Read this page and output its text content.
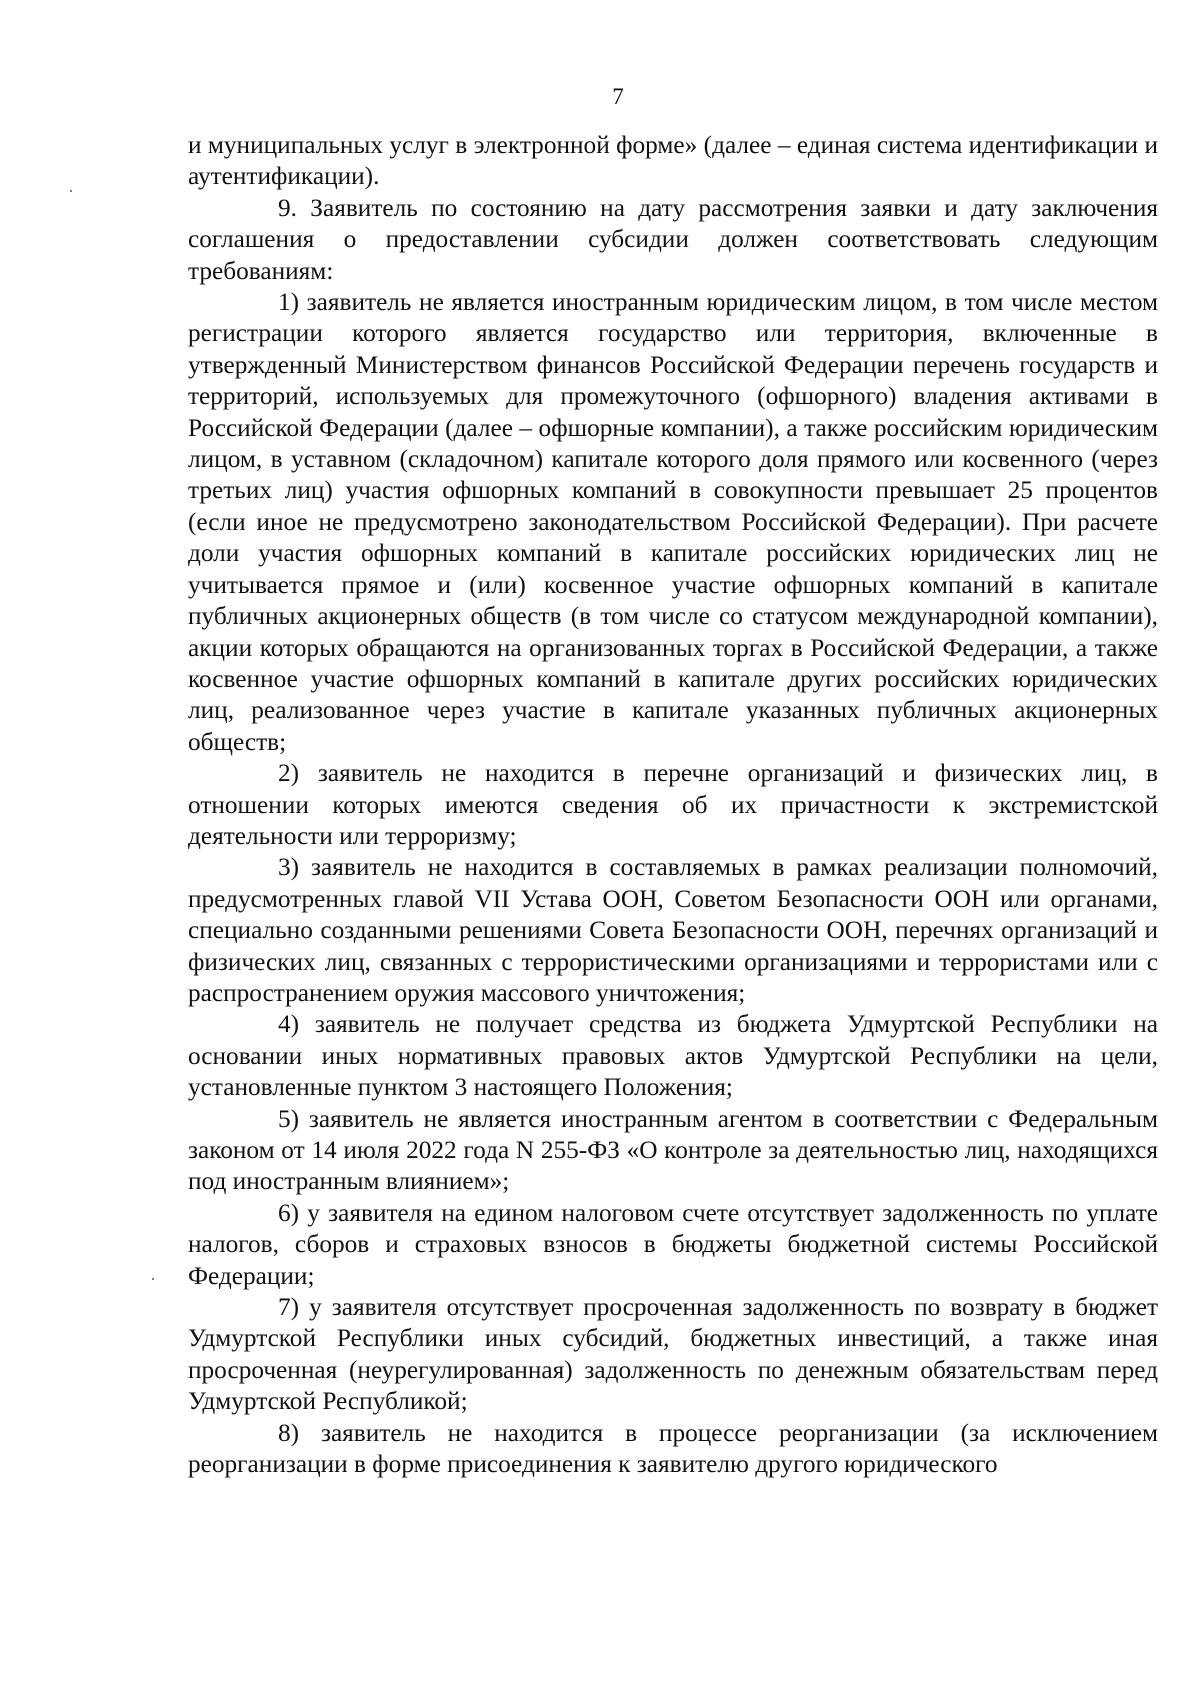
7

и муниципальных услуг в электронной форме» (далее – единая система идентификации и аутентификации).

9. Заявитель по состоянию на дату рассмотрения заявки и дату заключения соглашения о предоставлении субсидии должен соответствовать следующим требованиям:

1) заявитель не является иностранным юридическим лицом, в том числе местом регистрации которого является государство или территория, включенные в утвержденный Министерством финансов Российской Федерации перечень государств и территорий, используемых для промежуточного (офшорного) владения активами в Российской Федерации (далее – офшорные компании), а также российским юридическим лицом, в уставном (складочном) капитале которого доля прямого или косвенного (через третьих лиц) участия офшорных компаний в совокупности превышает 25 процентов (если иное не предусмотрено законодательством Российской Федерации). При расчете доли участия офшорных компаний в капитале российских юридических лиц не учитывается прямое и (или) косвенное участие офшорных компаний в капитале публичных акционерных обществ (в том числе со статусом международной компании), акции которых обращаются на организованных торгах в Российской Федерации, а также косвенное участие офшорных компаний в капитале других российских юридических лиц, реализованное через участие в капитале указанных публичных акционерных обществ;

2) заявитель не находится в перечне организаций и физических лиц, в отношении которых имеются сведения об их причастности к экстремистской деятельности или терроризму;

3) заявитель не находится в составляемых в рамках реализации полномочий, предусмотренных главой VII Устава ООН, Советом Безопасности ООН или органами, специально созданными решениями Совета Безопасности ООН, перечнях организаций и физических лиц, связанных с террористическими организациями и террористами или с распространением оружия массового уничтожения;

4) заявитель не получает средства из бюджета Удмуртской Республики на основании иных нормативных правовых актов Удмуртской Республики на цели, установленные пунктом 3 настоящего Положения;

5) заявитель не является иностранным агентом в соответствии с Федеральным законом от 14 июля 2022 года N 255-ФЗ «О контроле за деятельностью лиц, находящихся под иностранным влиянием»;

6) у заявителя на едином налоговом счете отсутствует задолженность по уплате налогов, сборов и страховых взносов в бюджеты бюджетной системы Российской Федерации;

7) у заявителя отсутствует просроченная задолженность по возврату в бюджет Удмуртской Республики иных субсидий, бюджетных инвестиций, а также иная просроченная (неурегулированная) задолженность по денежным обязательствам перед Удмуртской Республикой;

8) заявитель не находится в процессе реорганизации (за исключением реорганизации в форме присоединения к заявителю другого юридического
